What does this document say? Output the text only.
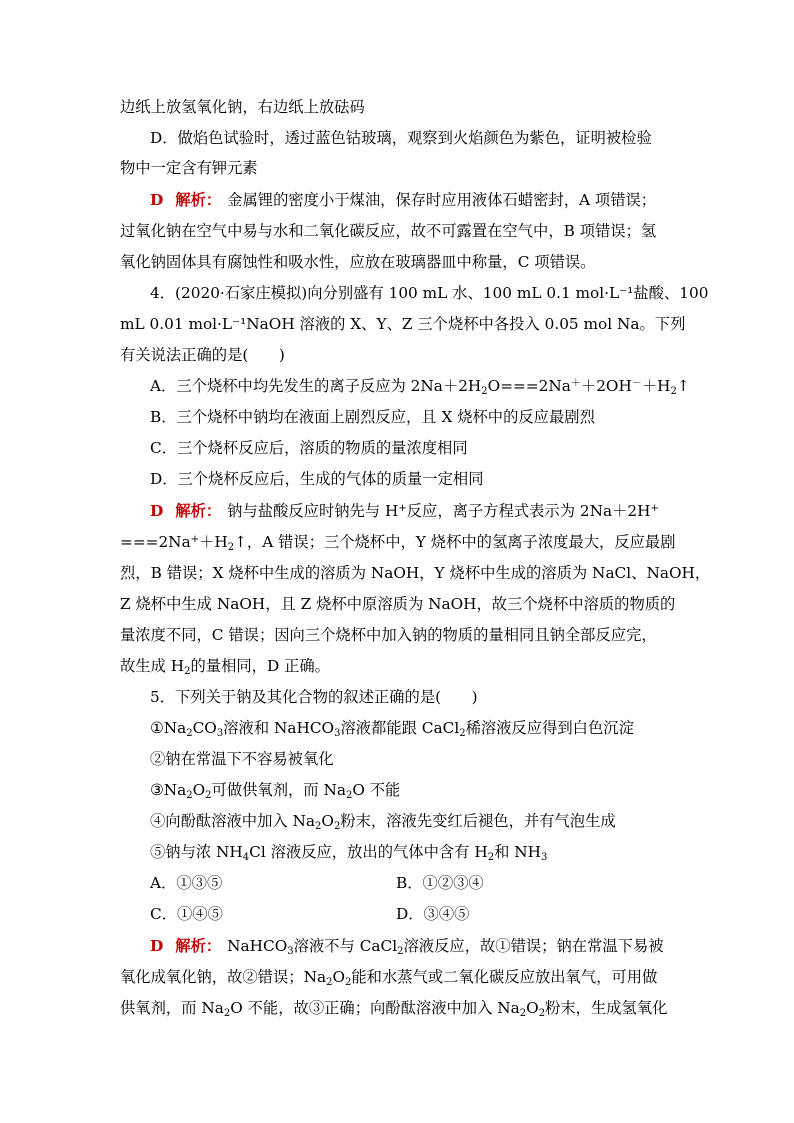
边纸上放氢氧化钠，右边纸上放砝码
D．做焰色试验时，透过蓝色钴玻璃，观察到火焰颜色为紫色，证明被检验
物中一定含有钾元素
D 解析： 金属锂的密度小于煤油，保存时应用液体石蜡密封，A 项错误；
过氧化钠在空气中易与水和二氧化碳反应，故不可露置在空气中，B 项错误；氢
氧化钠固体具有腐蚀性和吸水性，应放在玻璃器皿中称量，C 项错误。
4．(2020·石家庄模拟)向分别盛有 100 mL 水、100 mL 0.1 mol·L⁻¹盐酸、100
mL 0.01 mol·L⁻¹NaOH 溶液的 X、Y、Z 三个烧杯中各投入 0.05 mol Na。下列
有关说法正确的是(　　)
A．三个烧杯中均先发生的离子反应为 $2Na+2H_2O===2Na^++2OH^-+H_2↑$
B．三个烧杯中钠均在液面上剧烈反应，且 X 烧杯中的反应最剧烈
C．三个烧杯反应后，溶质的物质的量浓度相同
D．三个烧杯反应后，生成的气体的质量一定相同
D 解析： 钠与盐酸反应时钠先与 H+反应，离子方程式表示为 2Na＋2H+
$===2Na^++H_2↑$，A 错误；三个烧杯中，Y 烧杯中的氢离子浓度最大，反应最剧
烈，B 错误；X 烧杯中生成的溶质为 NaOH，Y 烧杯中生成的溶质为 NaCl、NaOH，
Z 烧杯中生成 NaOH，且 Z 烧杯中原溶质为 NaOH，故三个烧杯中溶质的物质的
量浓度不同，C 错误；因向三个烧杯中加入钠的物质的量相同且钠全部反应完，
故生成 $H_2$的量相同，D 正确。
5．下列关于钠及其化合物的叙述正确的是(　　)
$①Na_2CO_3$溶液和 NaHCO$_3$溶液都能跟 CaCl$_2$稀溶液反应得到白色沉淀
②钠在常温下不容易被氧化
$③Na_2O_2$可做供氧剂，而 $Na_2O$ 不能
④向酚酞溶液中加入 $Na_2O_2$粉末，溶液先变红后褪色，并有气泡生成
⑤钠与浓 $NH_4Cl$ 溶液反应，放出的气体中含有 $H_2$和 $NH_3$
A．①③⑤	B．①②③④
C．①④⑤	D．③④⑤
D 解析： NaHCO$_3$溶液不与 CaCl$_2$溶液反应，故①错误；钠在常温下易被
氧化成氧化钠，故②错误；$Na_2O_2$能和水蒸气或二氧化碳反应放出氧气，可用做
供氧剂，而 $Na_2O$ 不能，故③正确；向酚酞溶液中加入 $Na_2O_2$粉末，生成氢氧化
